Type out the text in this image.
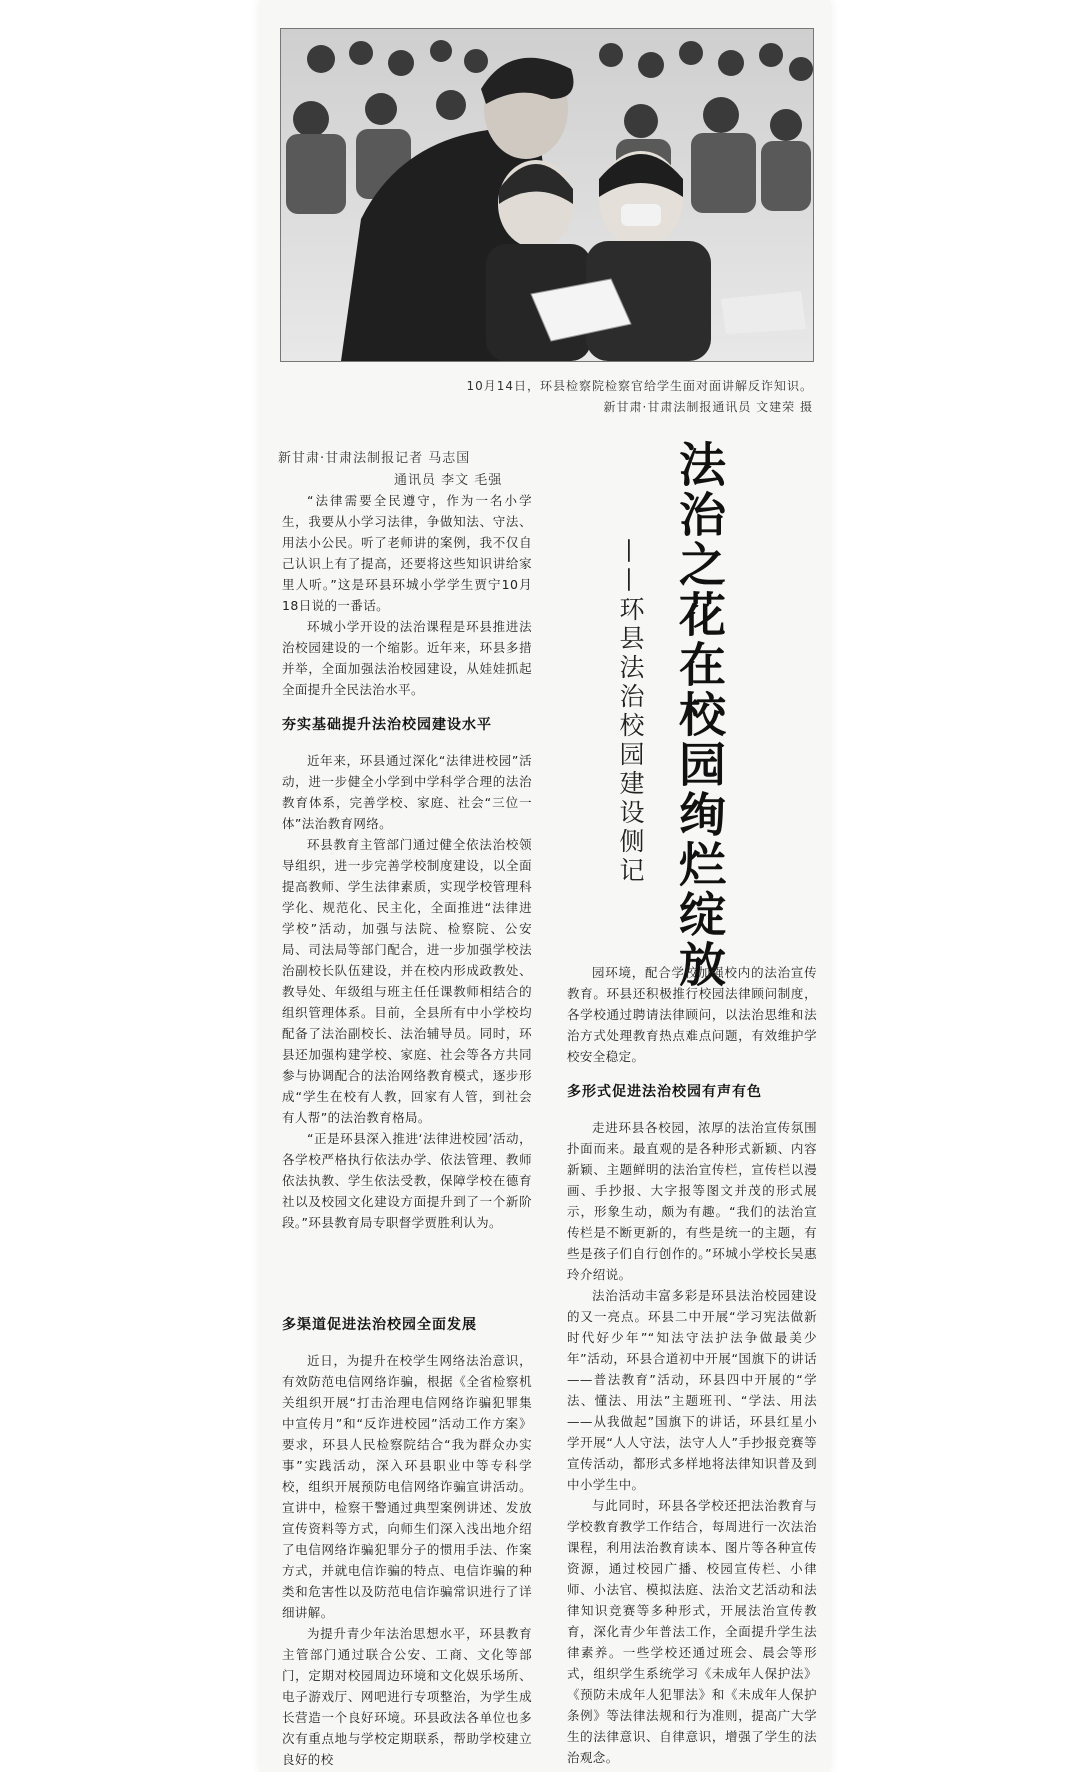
10月14日，环县检察院检察官给学生面对面讲解反诈知识。
新甘肃·甘肃法制报通讯员 文建荣 摄
新甘肃·甘肃法制报记者 马志国
通讯员 李文 毛强

“法律需要全民遵守，作为一名小学生，我要从小学习法律，争做知法、守法、用法小公民。听了老师讲的案例，我不仅自己认识上有了提高，还要将这些知识讲给家里人听。”这是环县环城小学学生贾宁10月18日说的一番话。

环城小学开设的法治课程是环县推进法治校园建设的一个缩影。近年来，环县多措并举，全面加强法治校园建设，从娃娃抓起全面提升全民法治水平。

夯实基础提升法治校园建设水平

近年来，环县通过深化“法律进校园”活动，进一步健全小学到中学科学合理的法治教育体系，完善学校、家庭、社会“三位一体”法治教育网络。

环县教育主管部门通过健全依法治校领导组织，进一步完善学校制度建设，以全面提高教师、学生法律素质，实现学校管理科学化、规范化、民主化，全面推进“法律进学校”活动，加强与法院、检察院、公安局、司法局等部门配合，进一步加强学校法治副校长队伍建设，并在校内形成政教处、教导处、年级组与班主任任课教师相结合的组织管理体系。目前，全县所有中小学校均配备了法治副校长、法治辅导员。同时，环县还加强构建学校、家庭、社会等各方共同参与协调配合的法治网络教育模式，逐步形成“学生在校有人教，回家有人管，到社会有人帮”的法治教育格局。

“正是环县深入推进‘法律进校园’活动，各学校严格执行依法办学、依法管理、教师依法执教、学生依法受教，保障学校在德育社以及校园文化建设方面提升到了一个新阶段。”环县教育局专职督学贾胜利认为。

多渠道促进法治校园全面发展

近日，为提升在校学生网络法治意识，有效防范电信网络诈骗，根据《全省检察机关组织开展“打击治理电信网络诈骗犯罪集中宣传月”和“反诈进校园”活动工作方案》要求，环县人民检察院结合“我为群众办实事”实践活动，深入环县职业中等专科学校，组织开展预防电信网络诈骗宣讲活动。宣讲中，检察干警通过典型案例讲述、发放宣传资料等方式，向师生们深入浅出地介绍了电信网络诈骗犯罪分子的惯用手法、作案方式，并就电信诈骗的特点、电信诈骗的种类和危害性以及防范电信诈骗常识进行了详细讲解。

为提升青少年法治思想水平，环县教育主管部门通过联合公安、工商、文化等部门，定期对校园周边环境和文化娱乐场所、电子游戏厅、网吧进行专项整治，为学生成长营造一个良好环境。环县政法各单位也多次有重点地与学校定期联系，帮助学校建立良好的校

法治之花在校园绚烂绽放
——环县法治校园建设侧记

园环境，配合学校加强校内的法治宣传教育。环县还积极推行校园法律顾问制度，各学校通过聘请法律顾问，以法治思维和法治方式处理教育热点难点问题，有效维护学校安全稳定。

多形式促进法治校园有声有色

走进环县各校园，浓厚的法治宣传氛围扑面而来。最直观的是各种形式新颖、内容新颖、主题鲜明的法治宣传栏，宣传栏以漫画、手抄报、大字报等图文并茂的形式展示，形象生动，颇为有趣。“我们的法治宣传栏是不断更新的，有些是统一的主题，有些是孩子们自行创作的。”环城小学校长吴惠玲介绍说。

法治活动丰富多彩是环县法治校园建设的又一亮点。环县二中开展“学习宪法做新时代好少年”“知法守法护法争做最美少年”活动，环县合道初中开展“国旗下的讲话——普法教育”活动，环县四中开展的“学法、懂法、用法”主题班刊、“学法、用法——从我做起”国旗下的讲话，环县红星小学开展“人人守法，法守人人”手抄报竞赛等宣传活动，都形式多样地将法律知识普及到中小学生中。

与此同时，环县各学校还把法治教育与学校教育教学工作结合，每周进行一次法治课程，利用法治教育读本、图片等各种宣传资源，通过校园广播、校园宣传栏、小律师、小法官、模拟法庭、法治文艺活动和法律知识竞赛等多种形式，开展法治宣传教育，深化青少年普法工作，全面提升学生法律素养。一些学校还通过班会、晨会等形式，组织学生系统学习《未成年人保护法》《预防未成年人犯罪法》和《未成年人保护条例》等法律法规和行为准则，提高广大学生的法律意识、自律意识，增强了学生的法治观念。
